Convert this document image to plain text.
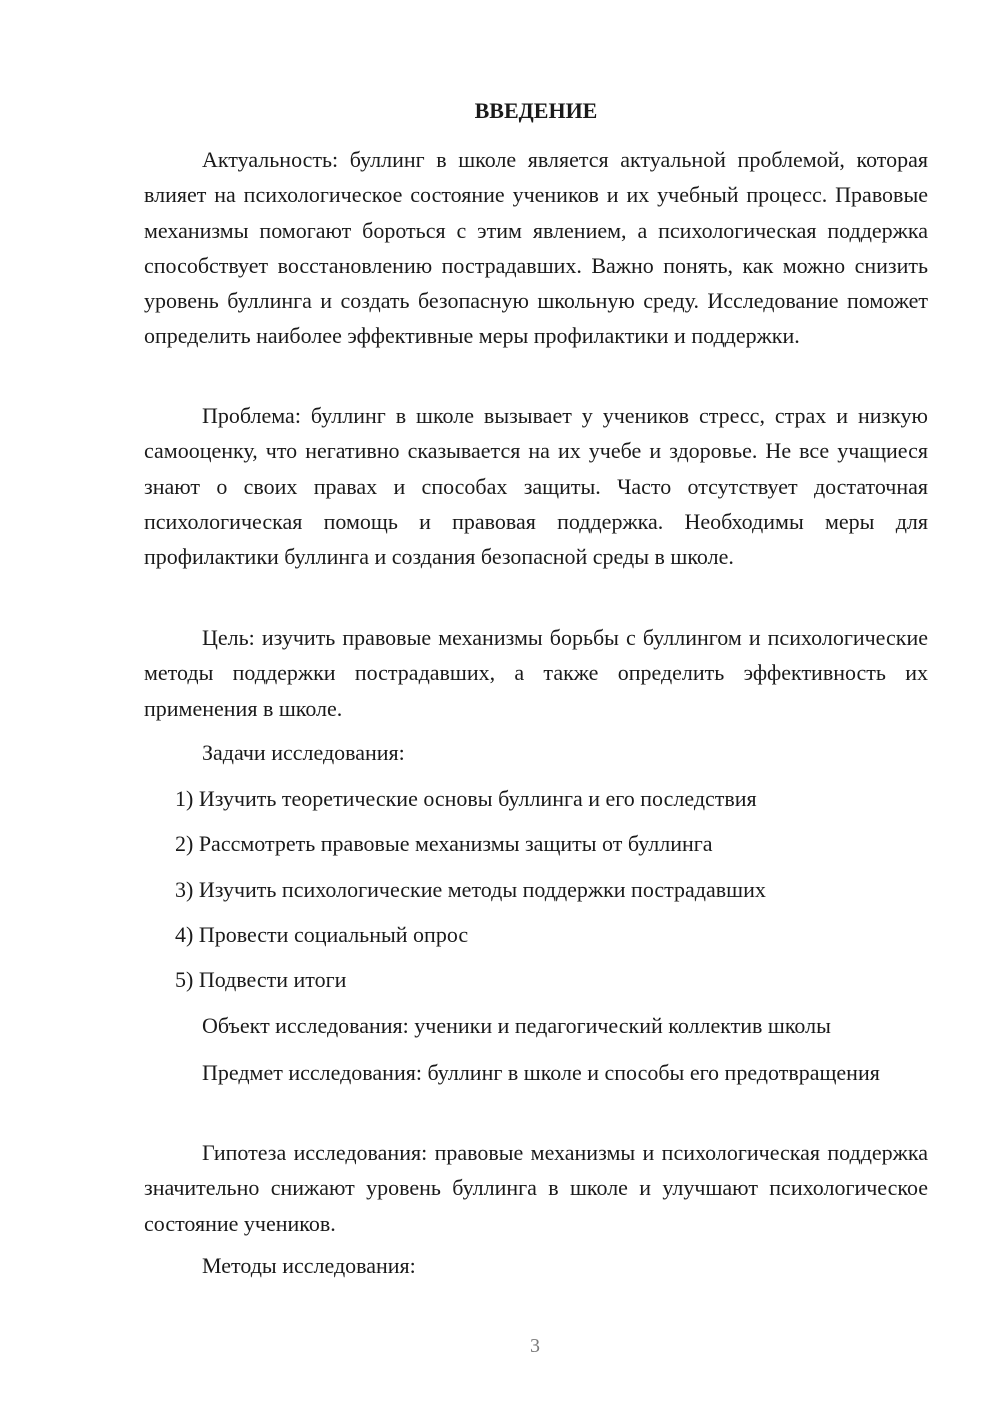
ВВЕДЕНИЕ

Актуальность: буллинг в школе является актуальной проблемой, которая влияет на психологическое состояние учеников и их учебный процесс. Правовые механизмы помогают бороться с этим явлением, а психологическая поддержка способствует восстановлению пострадавших. Важно понять, как можно снизить уровень буллинга и создать безопасную школьную среду. Исследование поможет определить наиболее эффективные меры профилактики и поддержки.

Проблема: буллинг в школе вызывает у учеников стресс, страх и низкую самооценку, что негативно сказывается на их учебе и здоровье. Не все учащиеся знают о своих правах и способах защиты. Часто отсутствует достаточная психологическая помощь и правовая поддержка. Необходимы меры для профилактики буллинга и создания безопасной среды в школе.

Цель: изучить правовые механизмы борьбы с буллингом и психологические методы поддержки пострадавших, а также определить эффективность их применения в школе.

Задачи исследования:
1) Изучить теоретические основы буллинга и его последствия
2) Рассмотреть правовые механизмы защиты от буллинга
3) Изучить психологические методы поддержки пострадавших
4) Провести социальный опрос
5) Подвести итоги
Объект исследования: ученики и педагогический коллектив школы

Предмет исследования: буллинг в школе и способы его предотвращения

Гипотеза исследования: правовые механизмы и психологическая поддержка значительно снижают уровень буллинга в школе и улучшают психологическое состояние учеников.

Методы исследования:
3
